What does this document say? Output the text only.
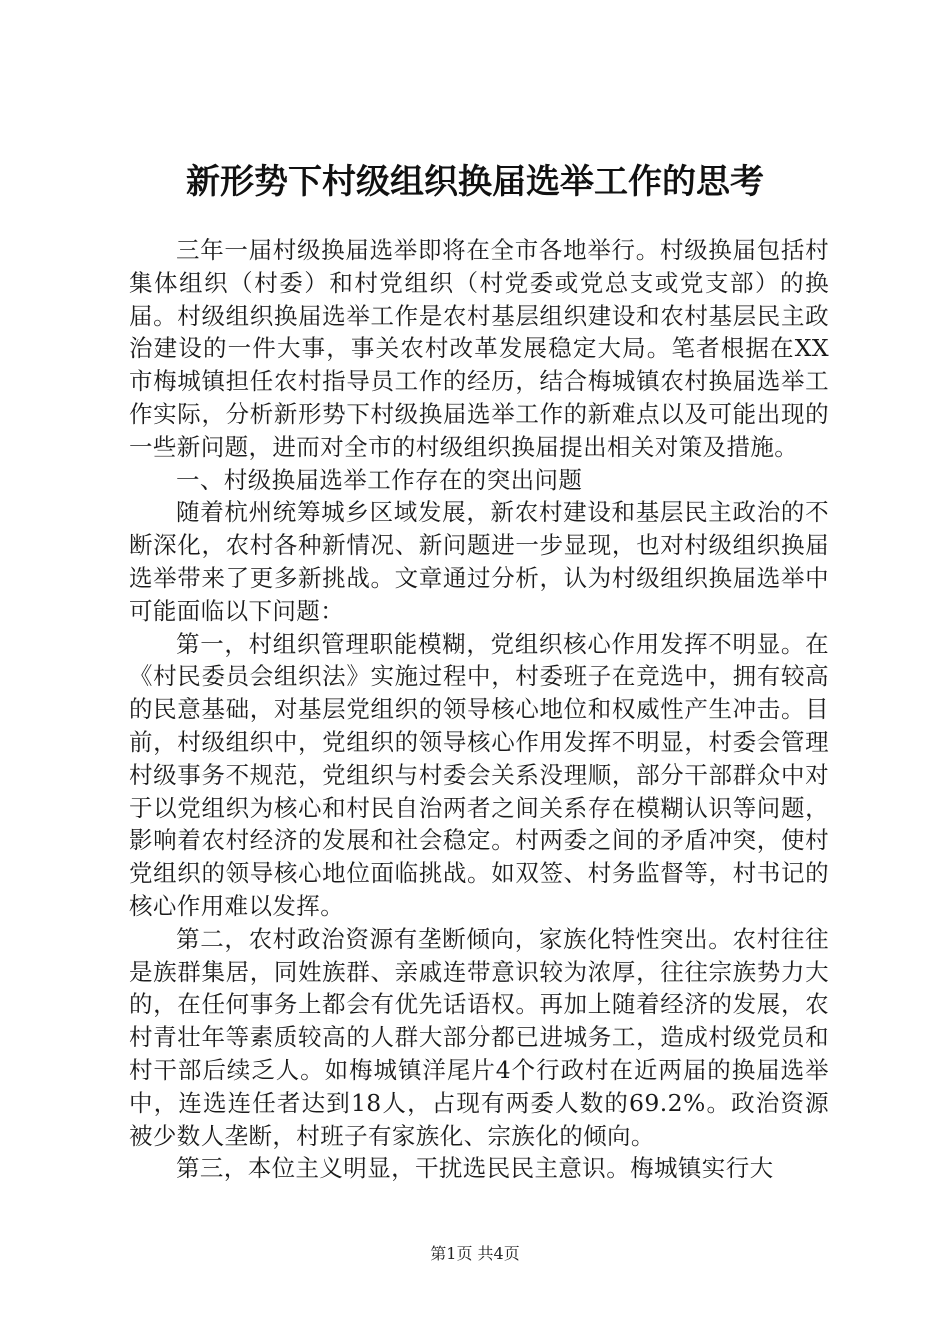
新形势下村级组织换届选举工作的思考

三年一届村级换届选举即将在全市各地举行。村级换届包括村集体组织（村委）和村党组织（村党委或党总支或党支部）的换届。村级组织换届选举工作是农村基层组织建设和农村基层民主政治建设的一件大事，事关农村改革发展稳定大局。笔者根据在XX市梅城镇担任农村指导员工作的经历，结合梅城镇农村换届选举工作实际，分析新形势下村级换届选举工作的新难点以及可能出现的一些新问题，进而对全市的村级组织换届提出相关对策及措施。

一、村级换届选举工作存在的突出问题

随着杭州统筹城乡区域发展，新农村建设和基层民主政治的不断深化，农村各种新情况、新问题进一步显现，也对村级组织换届选举带来了更多新挑战。文章通过分析，认为村级组织换届选举中可能面临以下问题：

第一，村组织管理职能模糊，党组织核心作用发挥不明显。在《村民委员会组织法》实施过程中，村委班子在竞选中，拥有较高的民意基础，对基层党组织的领导核心地位和权威性产生冲击。目前，村级组织中，党组织的领导核心作用发挥不明显，村委会管理村级事务不规范，党组织与村委会关系没理顺，部分干部群众中对于以党组织为核心和村民自治两者之间关系存在模糊认识等问题，影响着农村经济的发展和社会稳定。村两委之间的矛盾冲突，使村党组织的领导核心地位面临挑战。如双签、村务监督等，村书记的核心作用难以发挥。

第二，农村政治资源有垄断倾向，家族化特性突出。农村往往是族群集居，同姓族群、亲戚连带意识较为浓厚，往往宗族势力大的，在任何事务上都会有优先话语权。再加上随着经济的发展，农村青壮年等素质较高的人群大部分都已进城务工，造成村级党员和村干部后续乏人。如梅城镇洋尾片4个行政村在近两届的换届选举中，连选连任者达到18人，占现有两委人数的69.2%。政治资源被少数人垄断，村班子有家族化、宗族化的倾向。

第三，本位主义明显，干扰选民民主意识。梅城镇实行大

第1页 共4页
